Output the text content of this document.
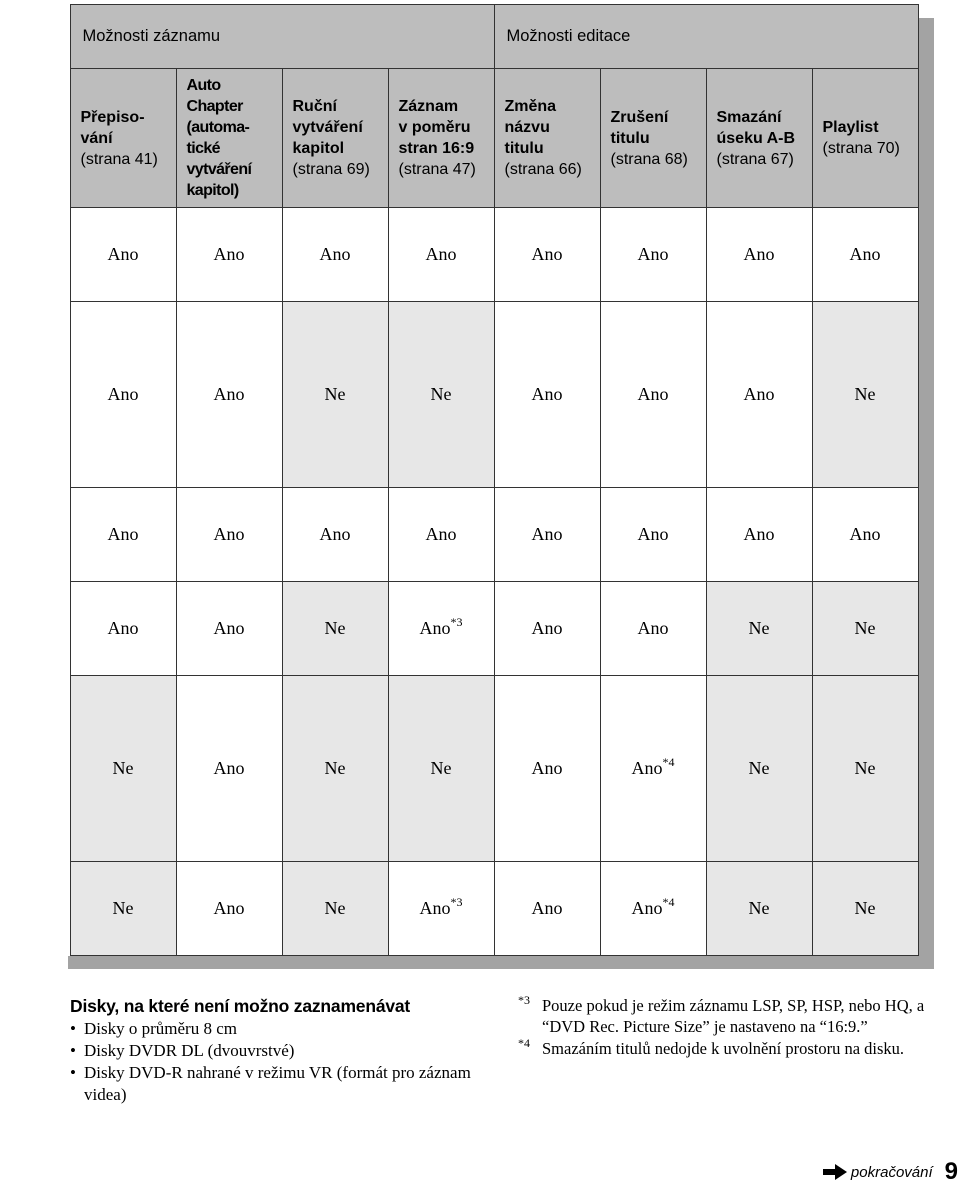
	Možnosti záznamu				Možnosti editace			

	Přepiso-
vání
(strana 41)	Auto Chapter
(automa-
tické
vytváření
kapitol)	Ruční
vytváření
kapitol
(strana 69)	Záznam
v poměru
stran 16:9
(strana 47)	Změna
názvu
titulu
(strana 66)	Zrušení
titulu
(strana 68)	Smazání
úseku A-B
(strana 67)	Playlist
(strana 70)

	Ano	Ano	Ano	Ano	Ano	Ano	Ano	Ano
	Ano	Ano	Ne	Ne	Ano	Ano	Ano	Ne
	Ano	Ano	Ano	Ano	Ano	Ano	Ano	Ano
	Ano	Ano	Ne	Ano$^{*3}$	Ano	Ano	Ne	Ne
	Ne	Ano	Ne	Ne	Ano	Ano$^{*4}$	Ne	Ne
	Ne	Ano	Ne	Ano$^{*3}$	Ano	Ano$^{*4}$	Ne	Ne
Disky, na které není možno zaznamenávat
• Disky o průměru 8 cm
• Disky DVDR DL (dvouvrstvé)
• Disky DVD-R nahrané v režimu VR (formát pro záznam videa)
*3 Pouze pokud je režim záznamu LSP, SP, HSP, nebo HQ, a “DVD Rec. Picture Size” je nastaveno na “16:9.”
*4 Smazáním titulů nedojde k uvolnění prostoru na disku.
pokračování 9
